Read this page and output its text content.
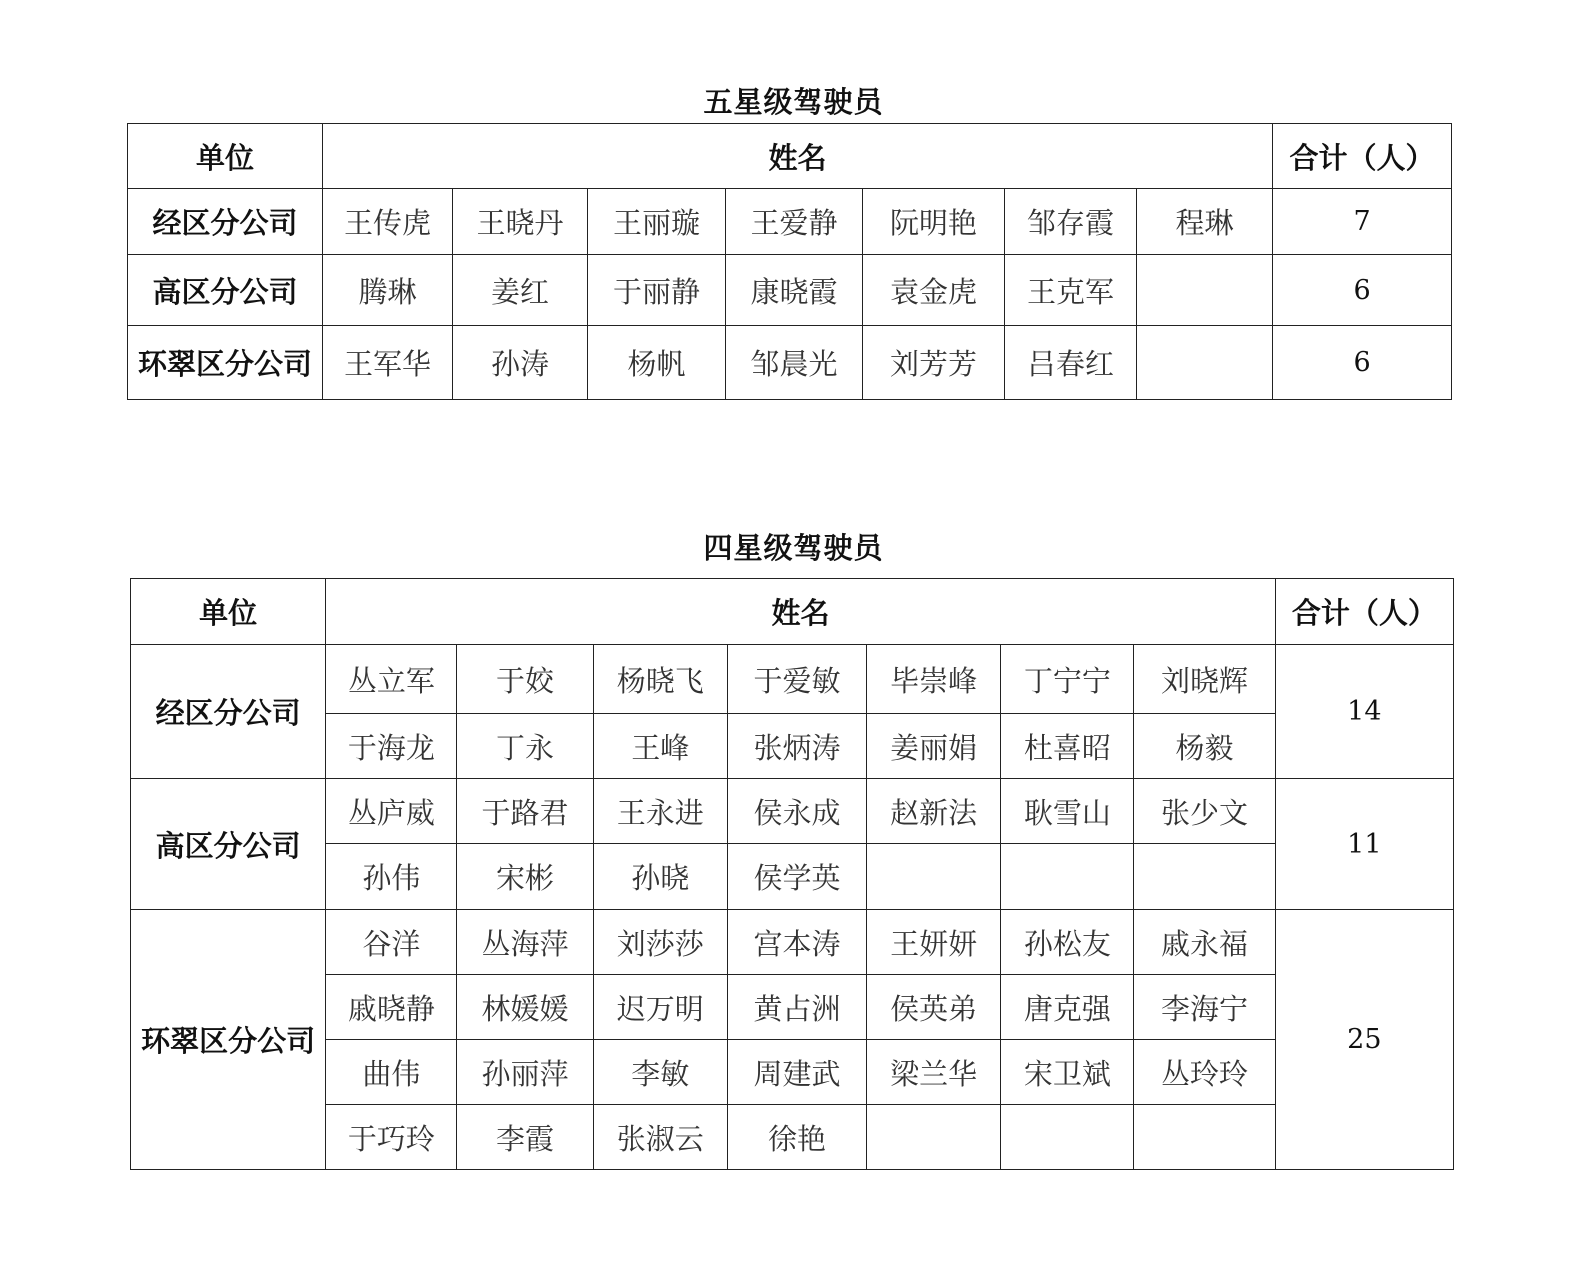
五星级驾驶员
单位	姓名							合计（人）
经区分公司	王传虎	王晓丹	王丽璇	王爱静	阮明艳	邹存霞	程琳	7
高区分公司	腾琳	姜红	于丽静	康晓霞	袁金虎	王克军		6
环翠区分公司	王军华	孙涛	杨帆	邹晨光	刘芳芳	吕春红		6
四星级驾驶员
单位	姓名							合计（人）
经区分公司	丛立军	于姣	杨晓飞	于爱敏	毕崇峰	丁宁宁	刘晓辉	14
	于海龙	丁永	王峰	张炳涛	姜丽娟	杜喜昭	杨毅	
高区分公司	丛庐威	于路君	王永进	侯永成	赵新法	耿雪山	张少文	11
	孙伟	宋彬	孙晓	侯学英				
环翠区分公司	谷洋	丛海萍	刘莎莎	宫本涛	王妍妍	孙松友	戚永福	25
	戚晓静	林媛媛	迟万明	黄占洲	侯英弟	唐克强	李海宁	
	曲伟	孙丽萍	李敏	周建武	梁兰华	宋卫斌	丛玲玲	
	于巧玲	李霞	张淑云	徐艳				
